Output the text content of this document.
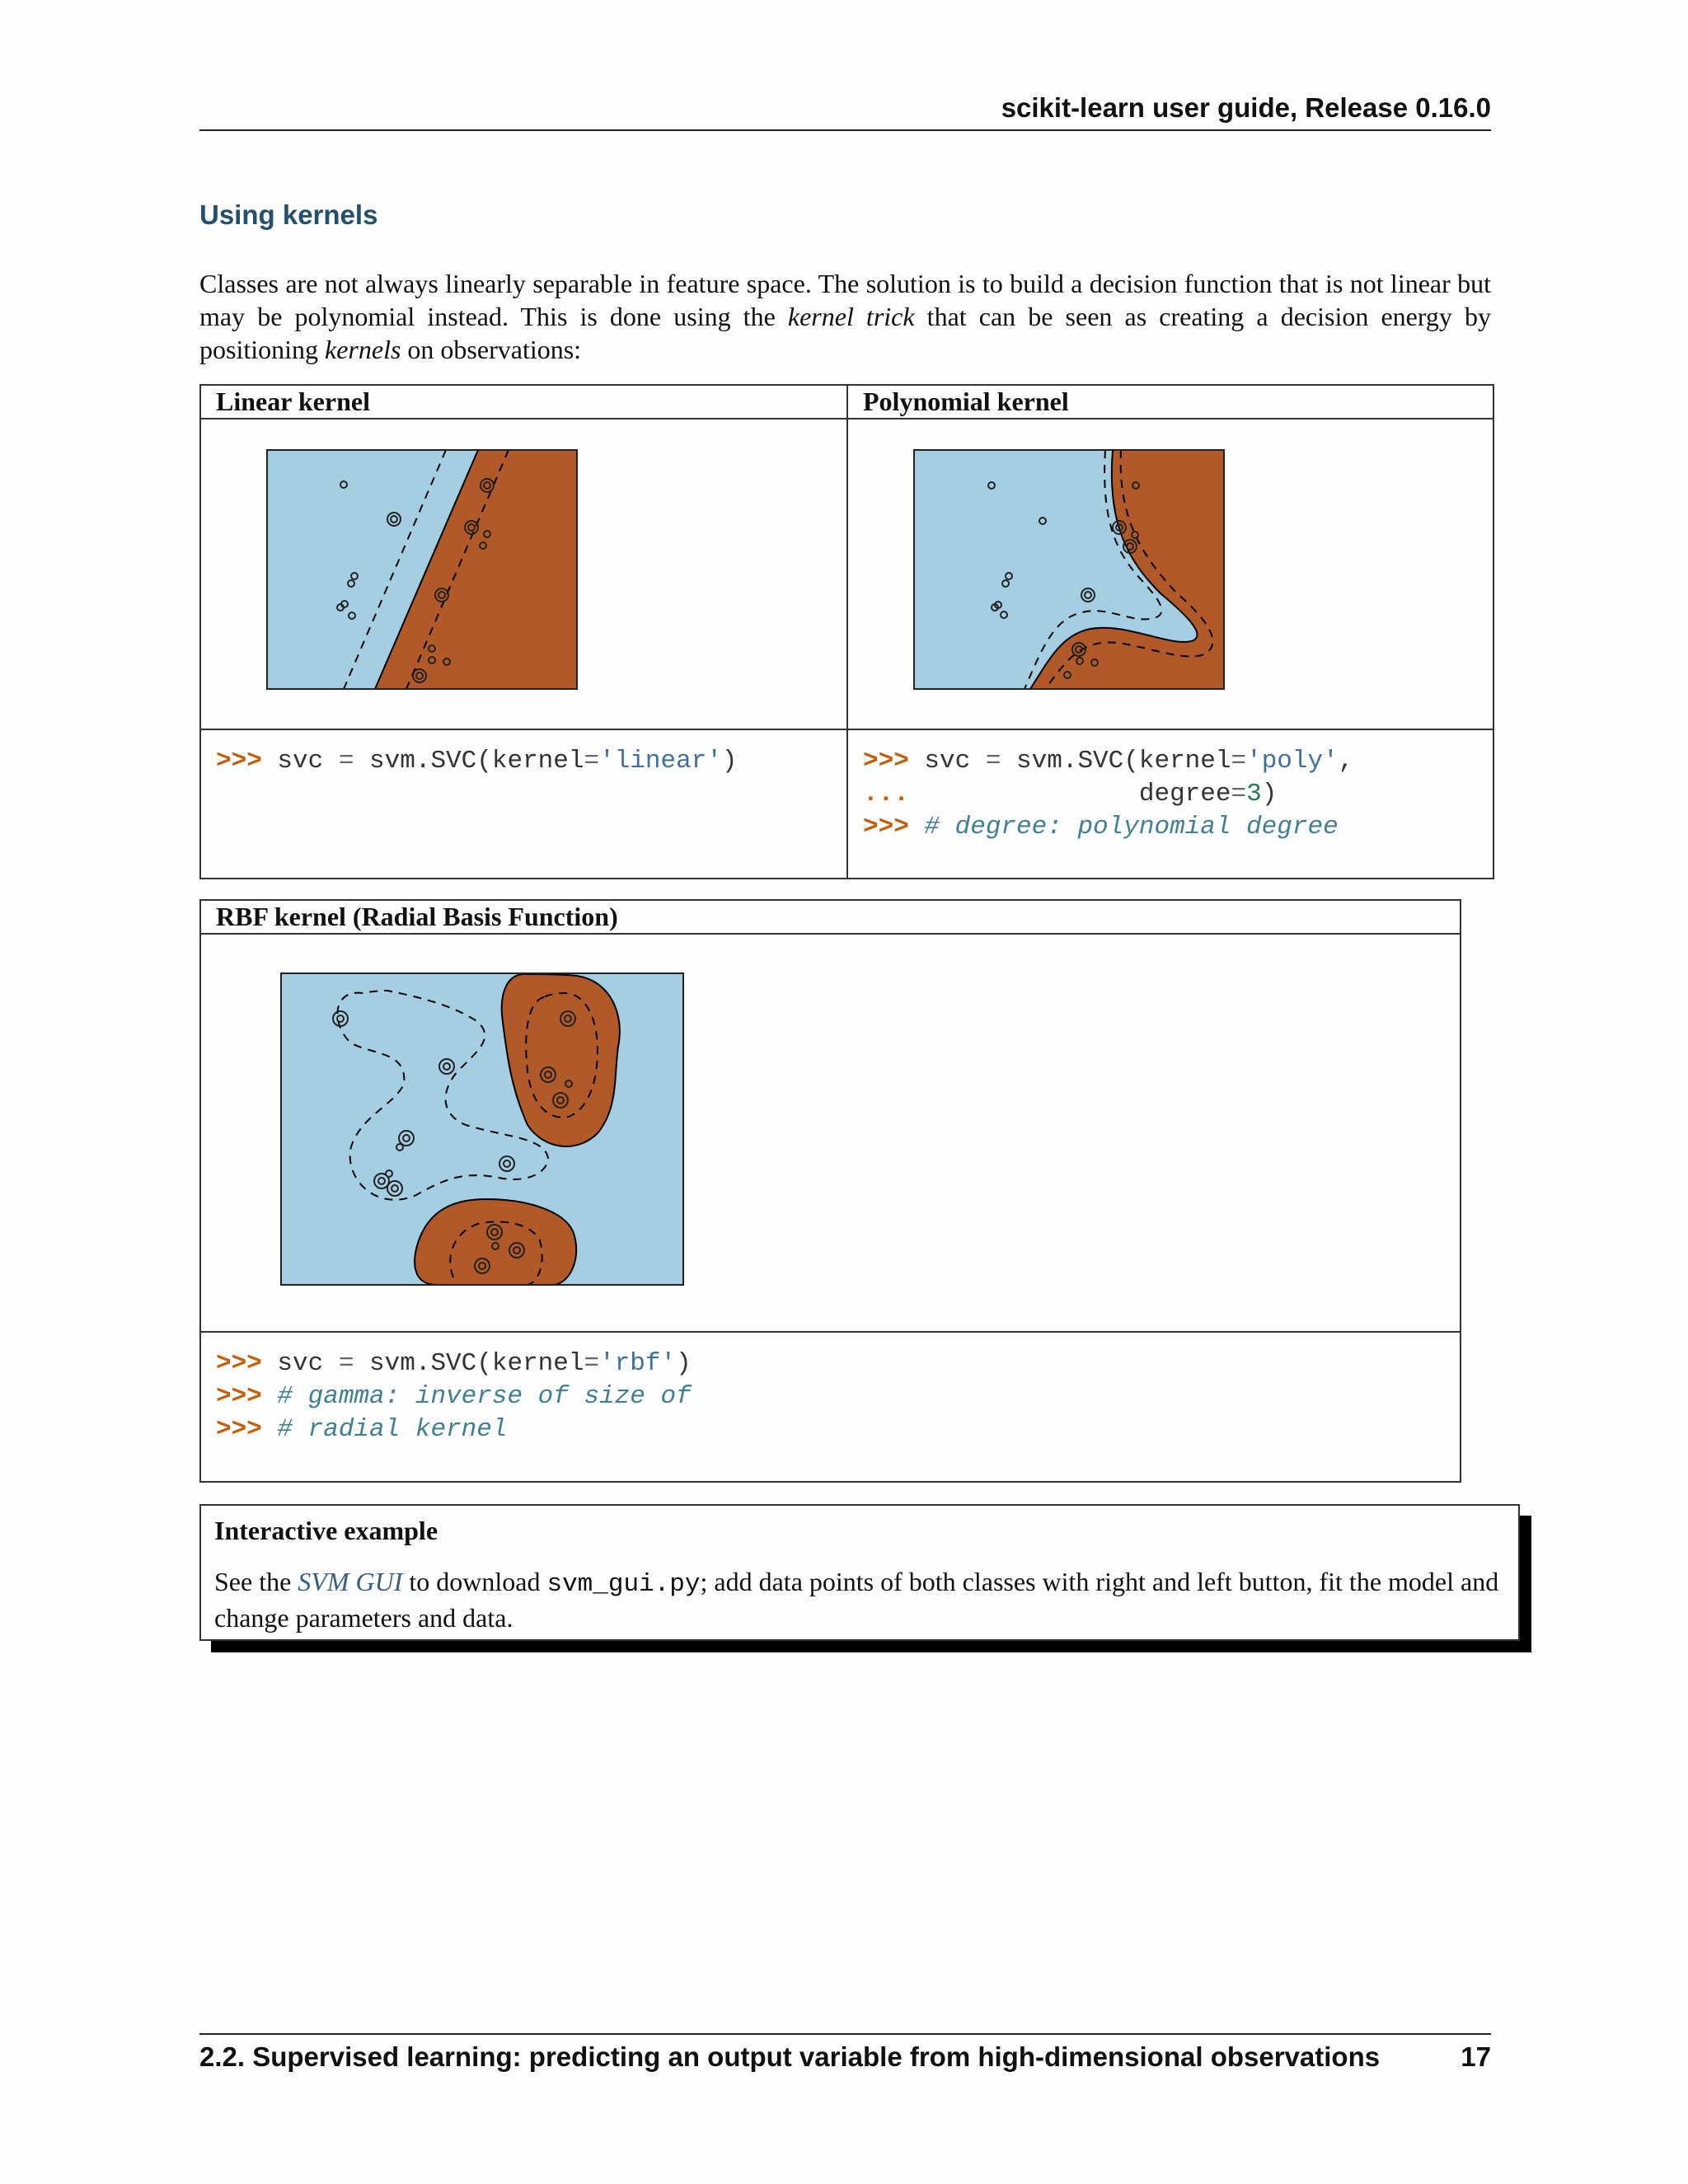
scikit-learn user guide, Release 0.16.0
Using kernels
Classes are not always linearly separable in feature space. The solution is to build a decision function that is not linear but may be polynomial instead. This is done using the kernel trick that can be seen as creating a decision energy by positioning kernels on observations:
Linear kernel	Polynomial kernel
>>> svc = svm.SVC(kernel='linear')	>>> svc = svm.SVC(kernel='poly',
...               degree=3)
>>> # degree: polynomial degree
RBF kernel (Radial Basis Function)
>>> svc = svm.SVC(kernel='rbf')
>>> # gamma: inverse of size of
>>> # radial kernel
Interactive example
See the SVM GUI to download svm_gui.py; add data points of both classes with right and left button, fit the model and change parameters and data.
2.2. Supervised learning: predicting an output variable from high-dimensional observations	17
